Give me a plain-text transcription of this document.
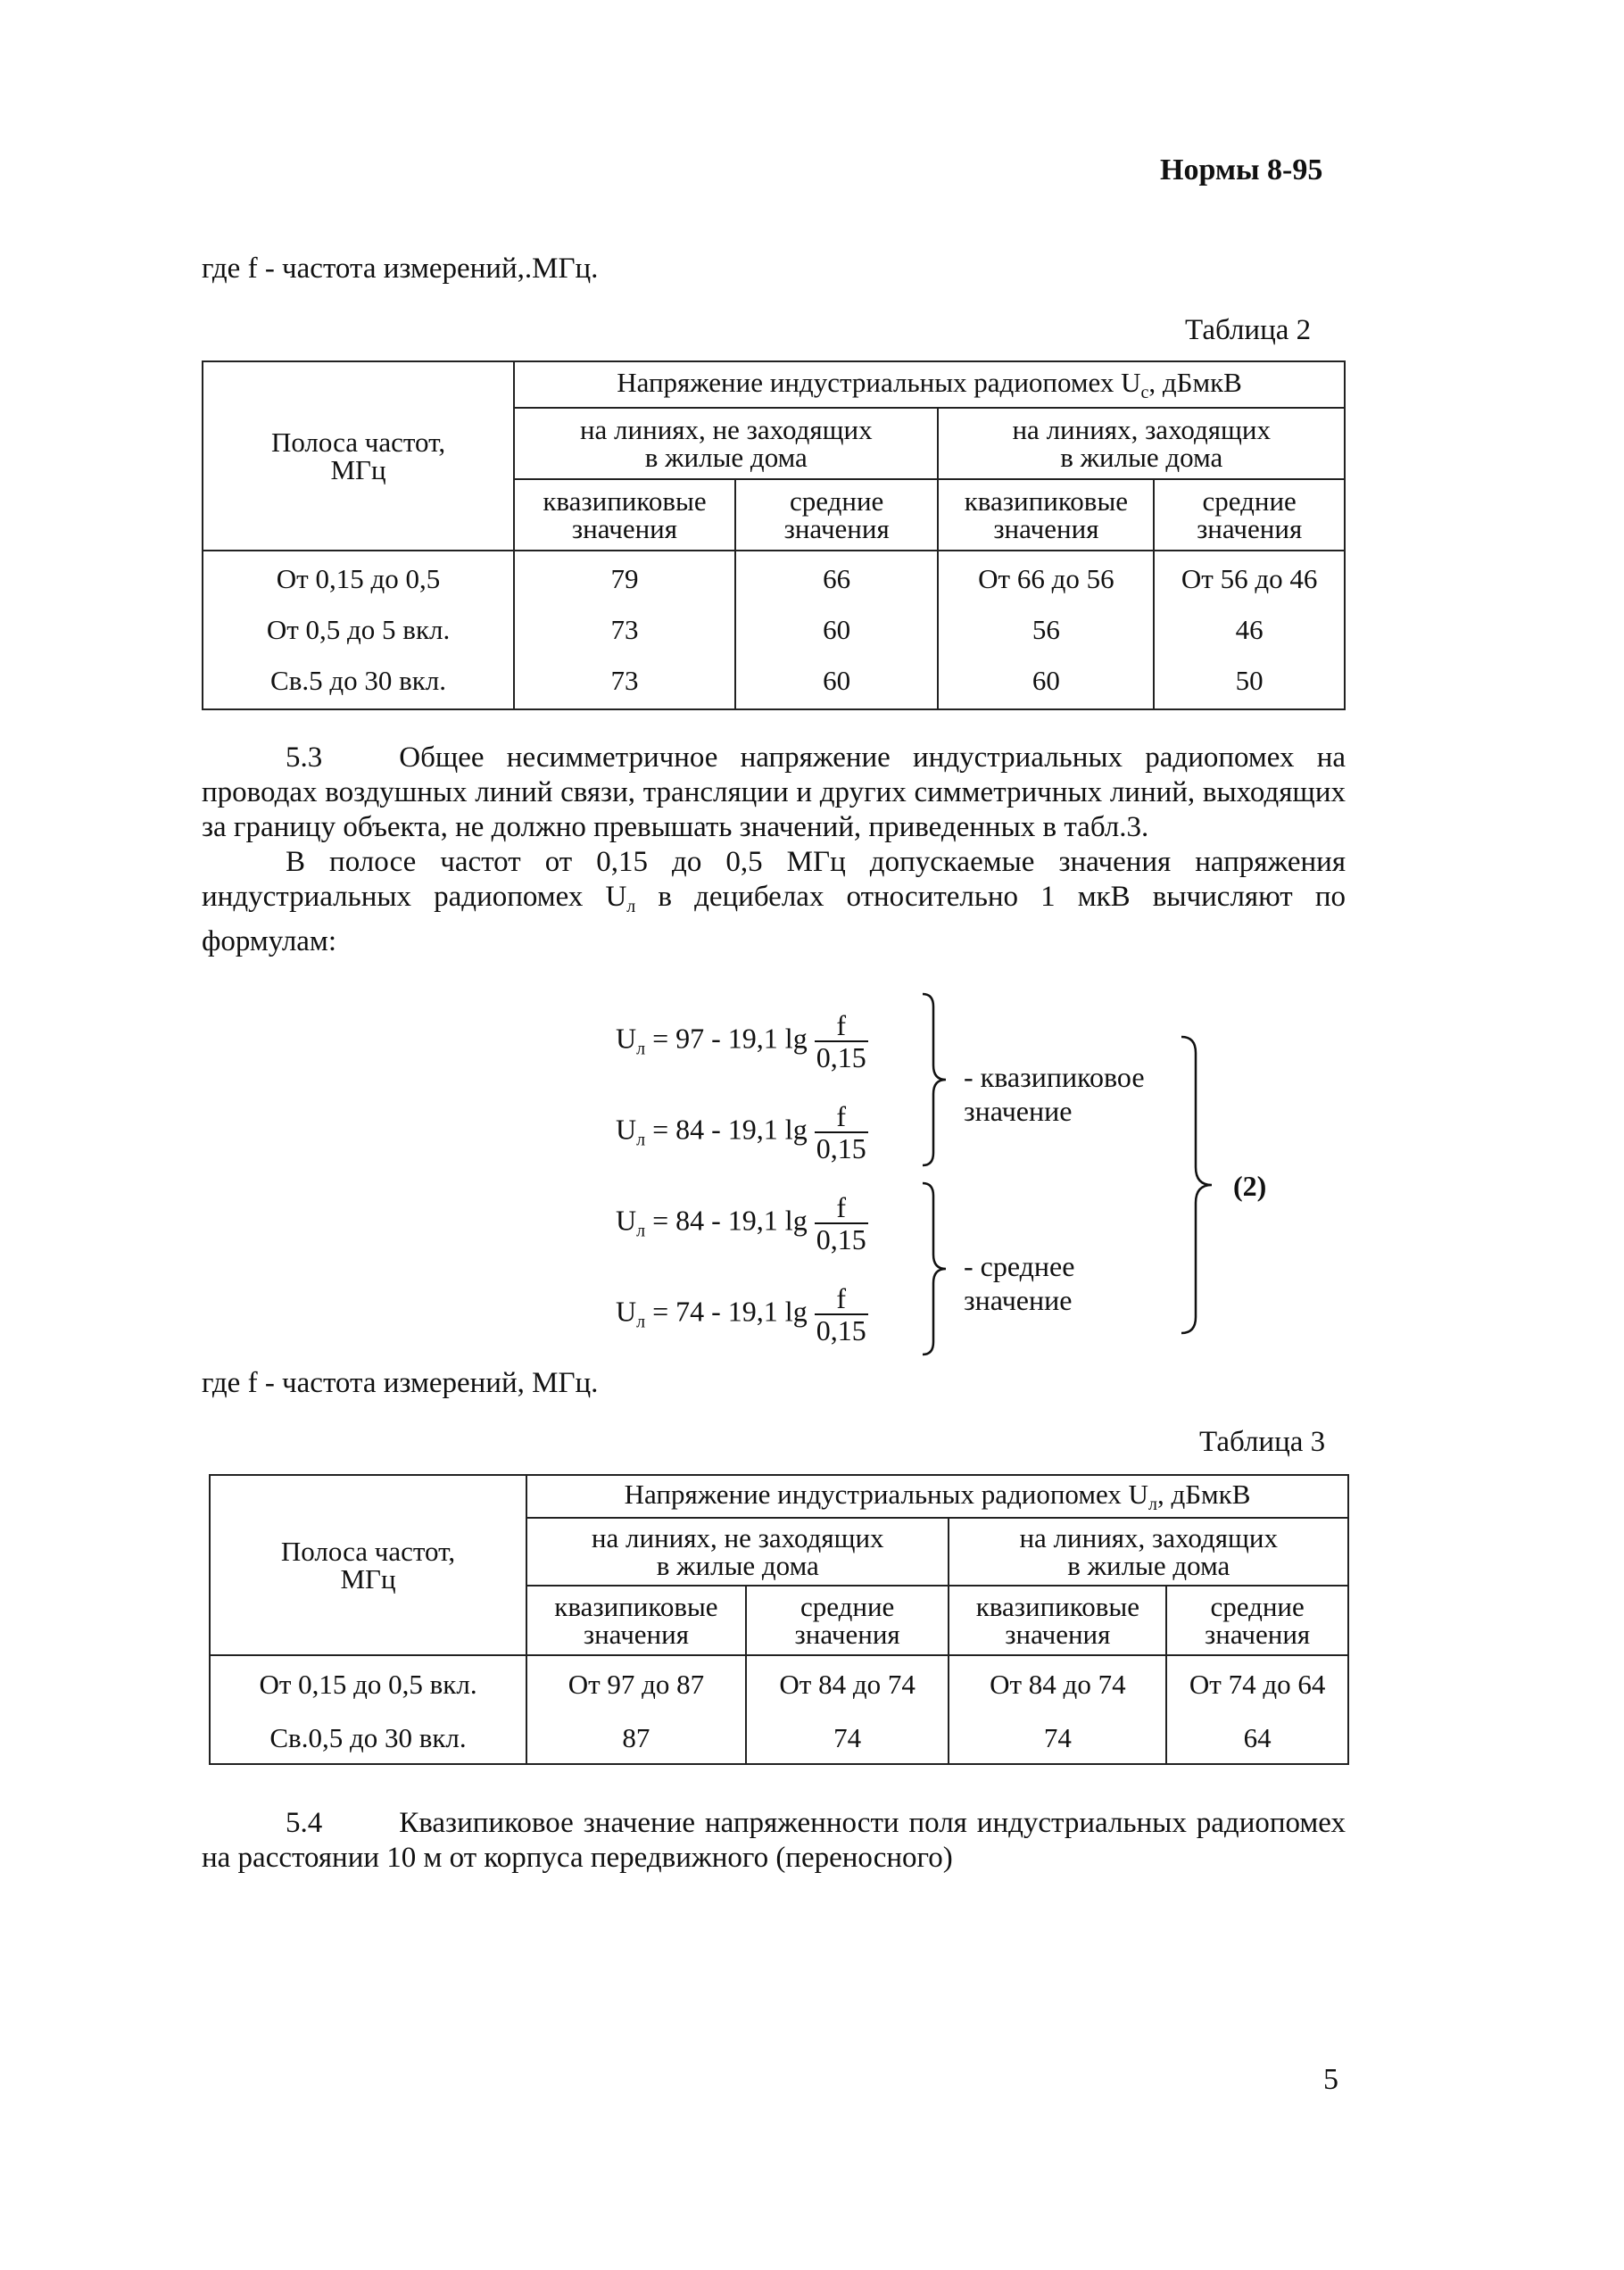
Нормы 8-95
где f - частота измерений,.МГц.
Таблица 2
Полоса частот,
МГц	Напряжение индустриальных радиопомех $U_c$, дБмкВ			
	на линиях, не заходящих
в жилые дома		на линиях, заходящих
в жилые дома	
	квазипиковые
значения	средние
значения	квазипиковые
значения	средние
значения
От 0,15 до 0,5	79	66	От 66 до 56	От 56 до 46
От 0,5 до 5 вкл.	73	60	56	46
Св.5 до 30 вкл.	73	60	60	50

5.3	Общее несимметричное напряжение индустриальных радиопомех на проводах воздушных линий связи, трансляции и других симметричных линий, выходящих за границу объекта, не должно превышать значений, приведенных в табл.3.

В полосе частот от 0,15 до 0,5 МГц допускаемые значения напряжения индустриальных радиопомех $U_л$ в децибелах относительно 1 мкВ вычисляют по формулам:

$U_л = 97 - 19,1$ $\lg \frac{f}{0,15}$
$U_л = 84 - 19,1$ $\lg \frac{f}{0,15}$
$U_л = 84 - 19,1$ $\lg \frac{f}{0,15}$
$U_л = 74 - 19,1$ $\lg \frac{f}{0,15}$
- квазипиковое
значение
- среднее
значение
(2)
где f - частота измерений, МГц.
Таблица 3
Полоса частот,
МГц	Напряжение индустриальных радиопомех $U_л$, дБмкВ			
	на линиях, не заходящих
в жилые дома		на линиях, заходящих
в жилые дома	
	квазипиковые
значения	средние
значения	квазипиковые
значения	средние
значения
От 0,15 до 0,5 вкл.	От 97 до 87	От 84 до 74	От 84 до 74	От 74 до 64
Св.0,5 до 30 вкл.	87	74	74	64

5.4	Квазипиковое значение напряженности поля индустриальных радиопомех на расстоянии 10 м от корпуса передвижного (переносного)

5
